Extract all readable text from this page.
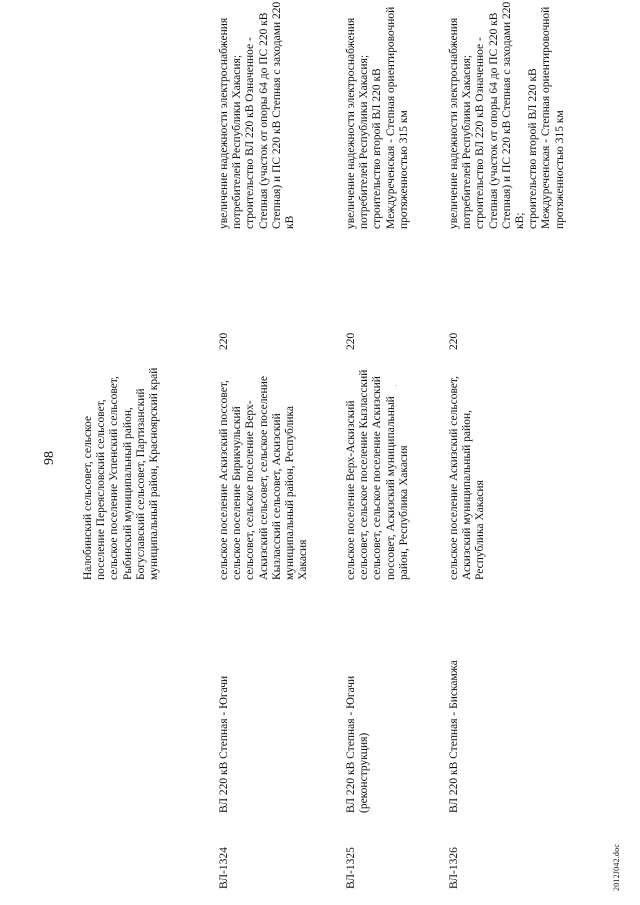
98 Налобинский сельсовет, сельское поселение Переясловский сельсовет, сельское поселение Успенский сельсовет, Рыбинский муниципальный район, Богуславский сельсовет, Партизанский муниципальный район, Красноярский край
ВЛ-1324
ВЛ 220 кВ Степная - Югачи
сельское поселение Аскизский поссовет, сельское поселение Бирикчульский сельсовет, сельское поселение Верх-Аскизский сельсовет, сельское поселение Кызласский сельсовет, Аскизский муниципальный район, Республика Хакасия
220
увеличение надежности электроснабжения потребителей Республики Хакасия;
строительство ВЛ 220 кВ Означенное - Степная (участок от опоры 64 до ПС 220 кВ Степная) и ПС 220 кВ Степная с заходами 220 кВ
ВЛ-1325
ВЛ 220 кВ Степная - Югачи (реконструкция)
сельское поселение Верх-Аскизский сельсовет, сельское поселение Кызласский сельсовет, сельское поселение Аскизский поссовет, Аскизский муниципальный район, Республика Хакасия
220
увеличение надежности электроснабжения потребителей Республики Хакасия;
строительство второй ВЛ 220 кВ Междуреченская - Степная ориентировочной протяженностью 315 км
·
ВЛ-1326
ВЛ 220 кВ Степная - Бискамжа
сельское поселение Аскизский сельсовет, Аскизский муниципальный район, Республика Хакасия
220
увеличение надежности электроснабжения потребителей Республики Хакасия;
строительство ВЛ 220 кВ Означенное - Степная (участок от опоры 64 до ПС 220 кВ Степная) и ПС 220 кВ Степная с заходами 220 кВ;
строительство второй ВЛ 220 кВ Междуреченская - Степная ориентировочной протяженностью 315 км
2012J042.doc
